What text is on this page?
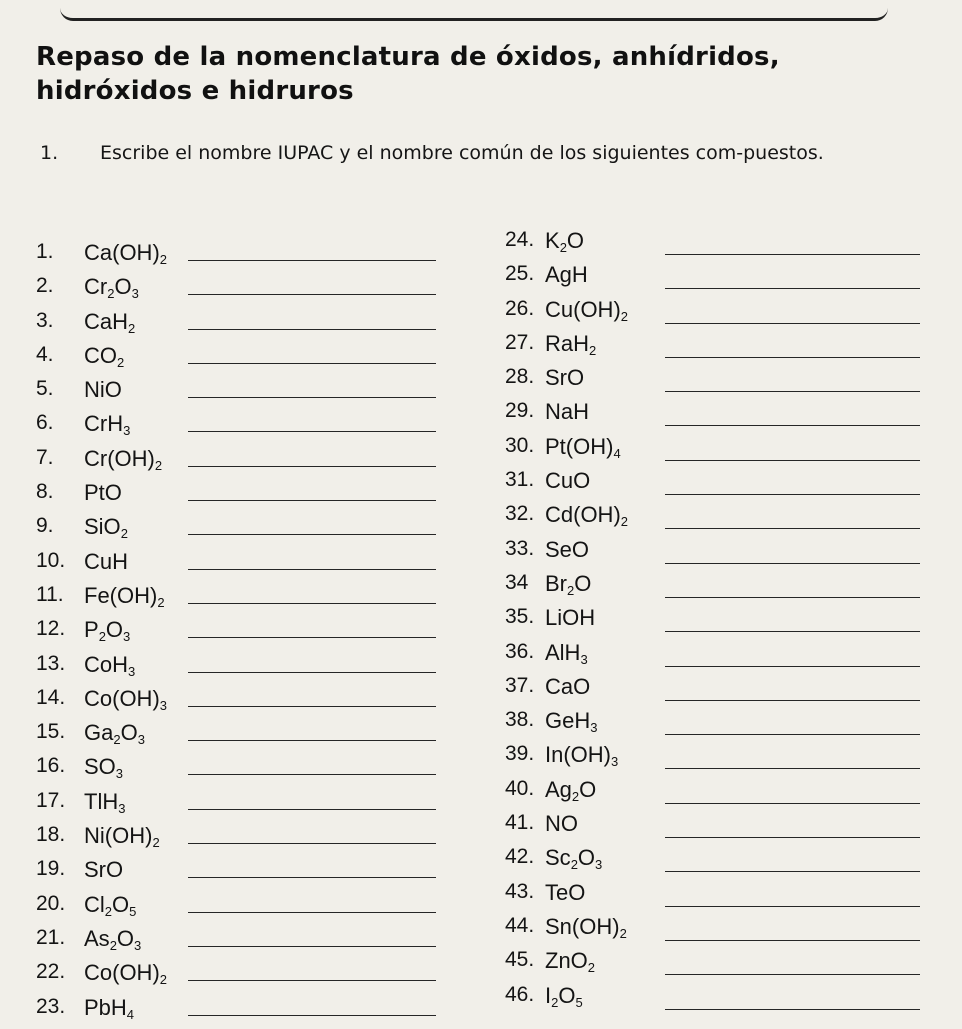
Repaso de la nomenclatura de óxidos, anhídridos, hidróxidos e hidruros
1. Escribe el nombre IUPAC y el nombre común de los siguientes com-puestos.
1. $Ca(OH)_2$
2. $Cr_2O_3$
3. CaH$_2$
4. $CO_2$
5. NiO
6. CrH$_3$
7. $Cr(OH)_2$
8. PtO
9. SiO$_2$
10. CuH
11. $Fe(OH)_2$
12. $P_2O_3$
13. CoH$_3$
14. $Co(OH)_3$
15. $Ga_2O_3$
16. $SO_3$
17. TlH$_3$
18. $Ni(OH)_2$
19. SrO
20. $Cl_2O_5$
21. $As_2O_3$
22. $Co(OH)_2$
23. PbH$_4$
24. $K_2O$
25. AgH
26. $Cu(OH)_2$
27. RaH$_2$
28. SrO
29. NaH
30. $Pt(OH)_4$
31. CuO
32. $Cd(OH)_2$
33. SeO
34 $Br_2O$
35. LiOH
36. AlH$_3$
37. CaO
38. GeH$_3$
39. $In(OH)_3$
40. $Ag_2O$
41. NO
42. $Sc_2O_3$
43. TeO
44. $Sn(OH)_2$
45. ZnO$_2$
46. $I_2O_5$
